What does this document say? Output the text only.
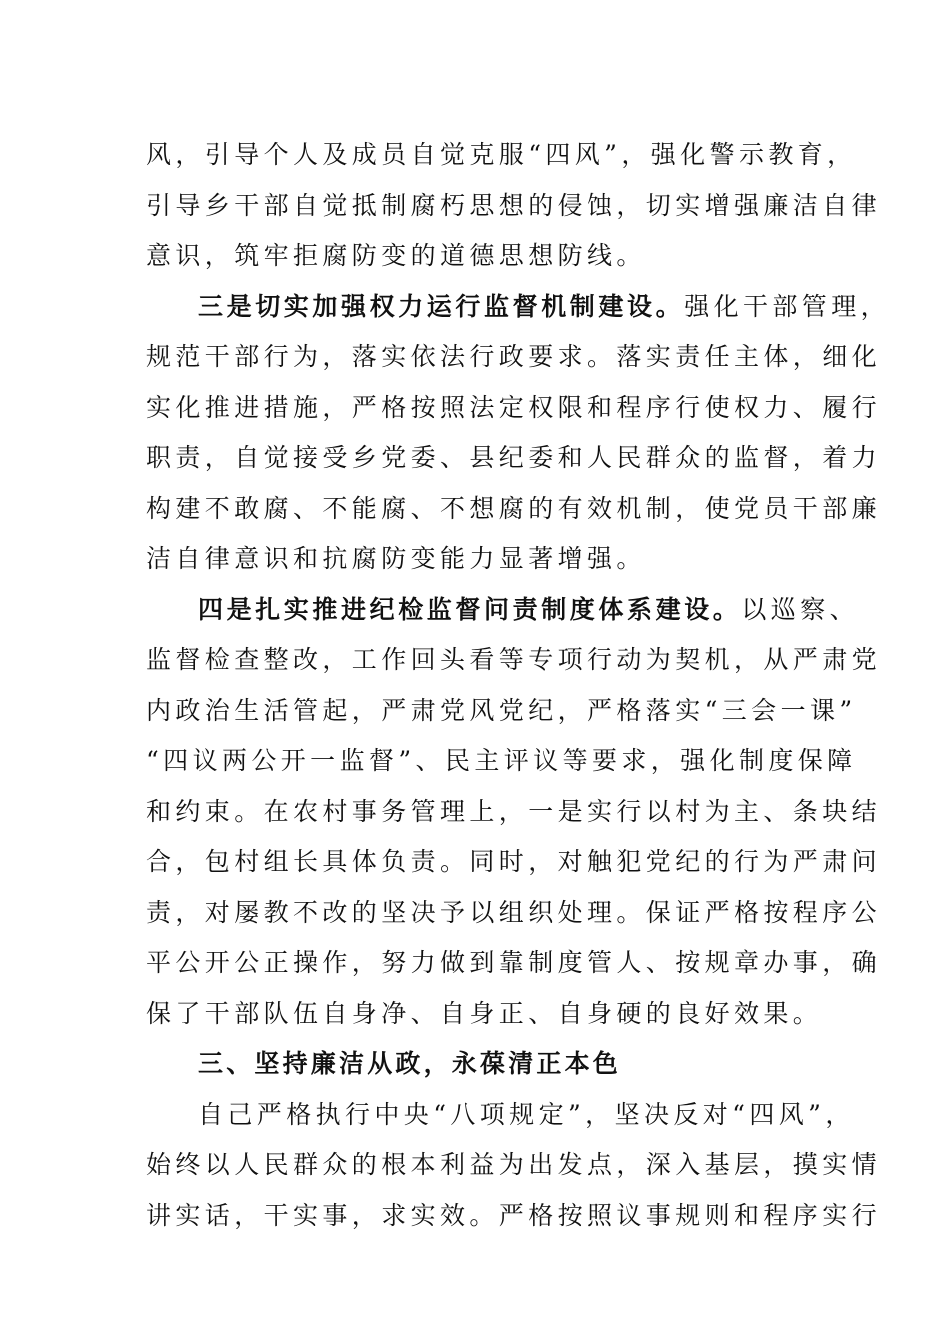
风，引导个人及成员自觉克服“四风”，强化警示教育，
引导乡干部自觉抵制腐朽思想的侵蚀，切实增强廉洁自律
意识，筑牢拒腐防变的道德思想防线。
三是切实加强权力运行监督机制建设。强化干部管理，
规范干部行为，落实依法行政要求。落实责任主体，细化
实化推进措施，严格按照法定权限和程序行使权力、履行
职责，自觉接受乡党委、县纪委和人民群众的监督，着力
构建不敢腐、不能腐、不想腐的有效机制，使党员干部廉
洁自律意识和抗腐防变能力显著增强。
四是扎实推进纪检监督问责制度体系建设。以巡察、
监督检查整改，工作回头看等专项行动为契机，从严肃党
内政治生活管起，严肃党风党纪，严格落实“三会一课”
“四议两公开一监督”、民主评议等要求，强化制度保障
和约束。在农村事务管理上，一是实行以村为主、条块结
合，包村组长具体负责。同时，对触犯党纪的行为严肃问
责，对屡教不改的坚决予以组织处理。保证严格按程序公
平公开公正操作，努力做到靠制度管人、按规章办事，确
保了干部队伍自身净、自身正、自身硬的良好效果。
三、坚持廉洁从政，永葆清正本色
自己严格执行中央“八项规定”，坚决反对“四风”，
始终以人民群众的根本利益为出发点，深入基层，摸实情
讲实话，干实事，求实效。严格按照议事规则和程序实行
